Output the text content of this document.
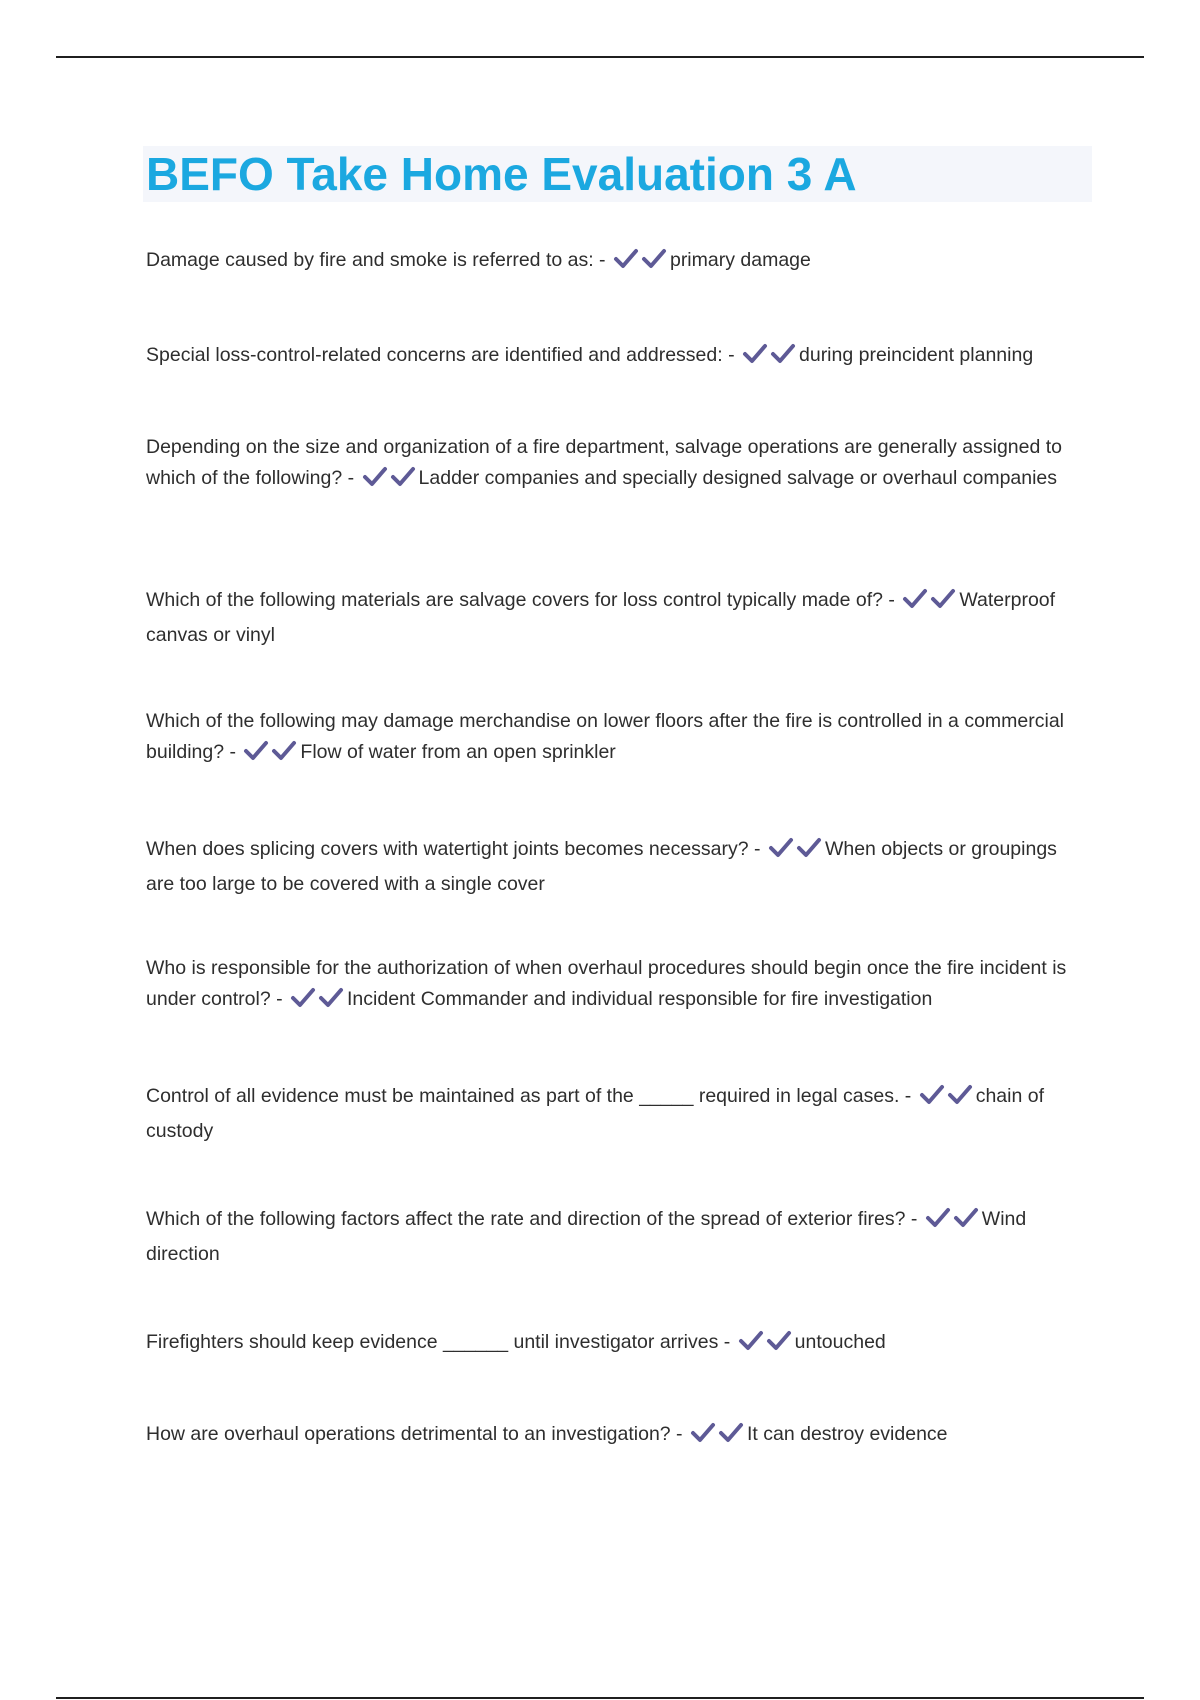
BEFO Take Home Evaluation 3 A
Damage caused by fire and smoke is referred to as: -	primary damage
Special loss-control-related concerns are identified and addressed: -	during preincident planning
Depending on the size and organization of a fire department, salvage operations are generally assigned to which of the following? -	Ladder companies and specially designed salvage or overhaul companies
Which of the following materials are salvage covers for loss control typically made of? -	Waterproof canvas or vinyl
Which of the following may damage merchandise on lower floors after the fire is controlled in a commercial building? -	Flow of water from an open sprinkler
When does splicing covers with watertight joints becomes necessary? -	When objects or groupings are too large to be covered with a single cover
Who is responsible for the authorization of when overhaul procedures should begin once the fire incident is under control? -	Incident Commander and individual responsible for fire investigation
Control of all evidence must be maintained as part of the _____ required in legal cases. -	chain of custody
Which of the following factors affect the rate and direction of the spread of exterior fires? -	Wind direction
Firefighters should keep evidence ______ until investigator arrives -	untouched
How are overhaul operations detrimental to an investigation? -	It can destroy evidence
